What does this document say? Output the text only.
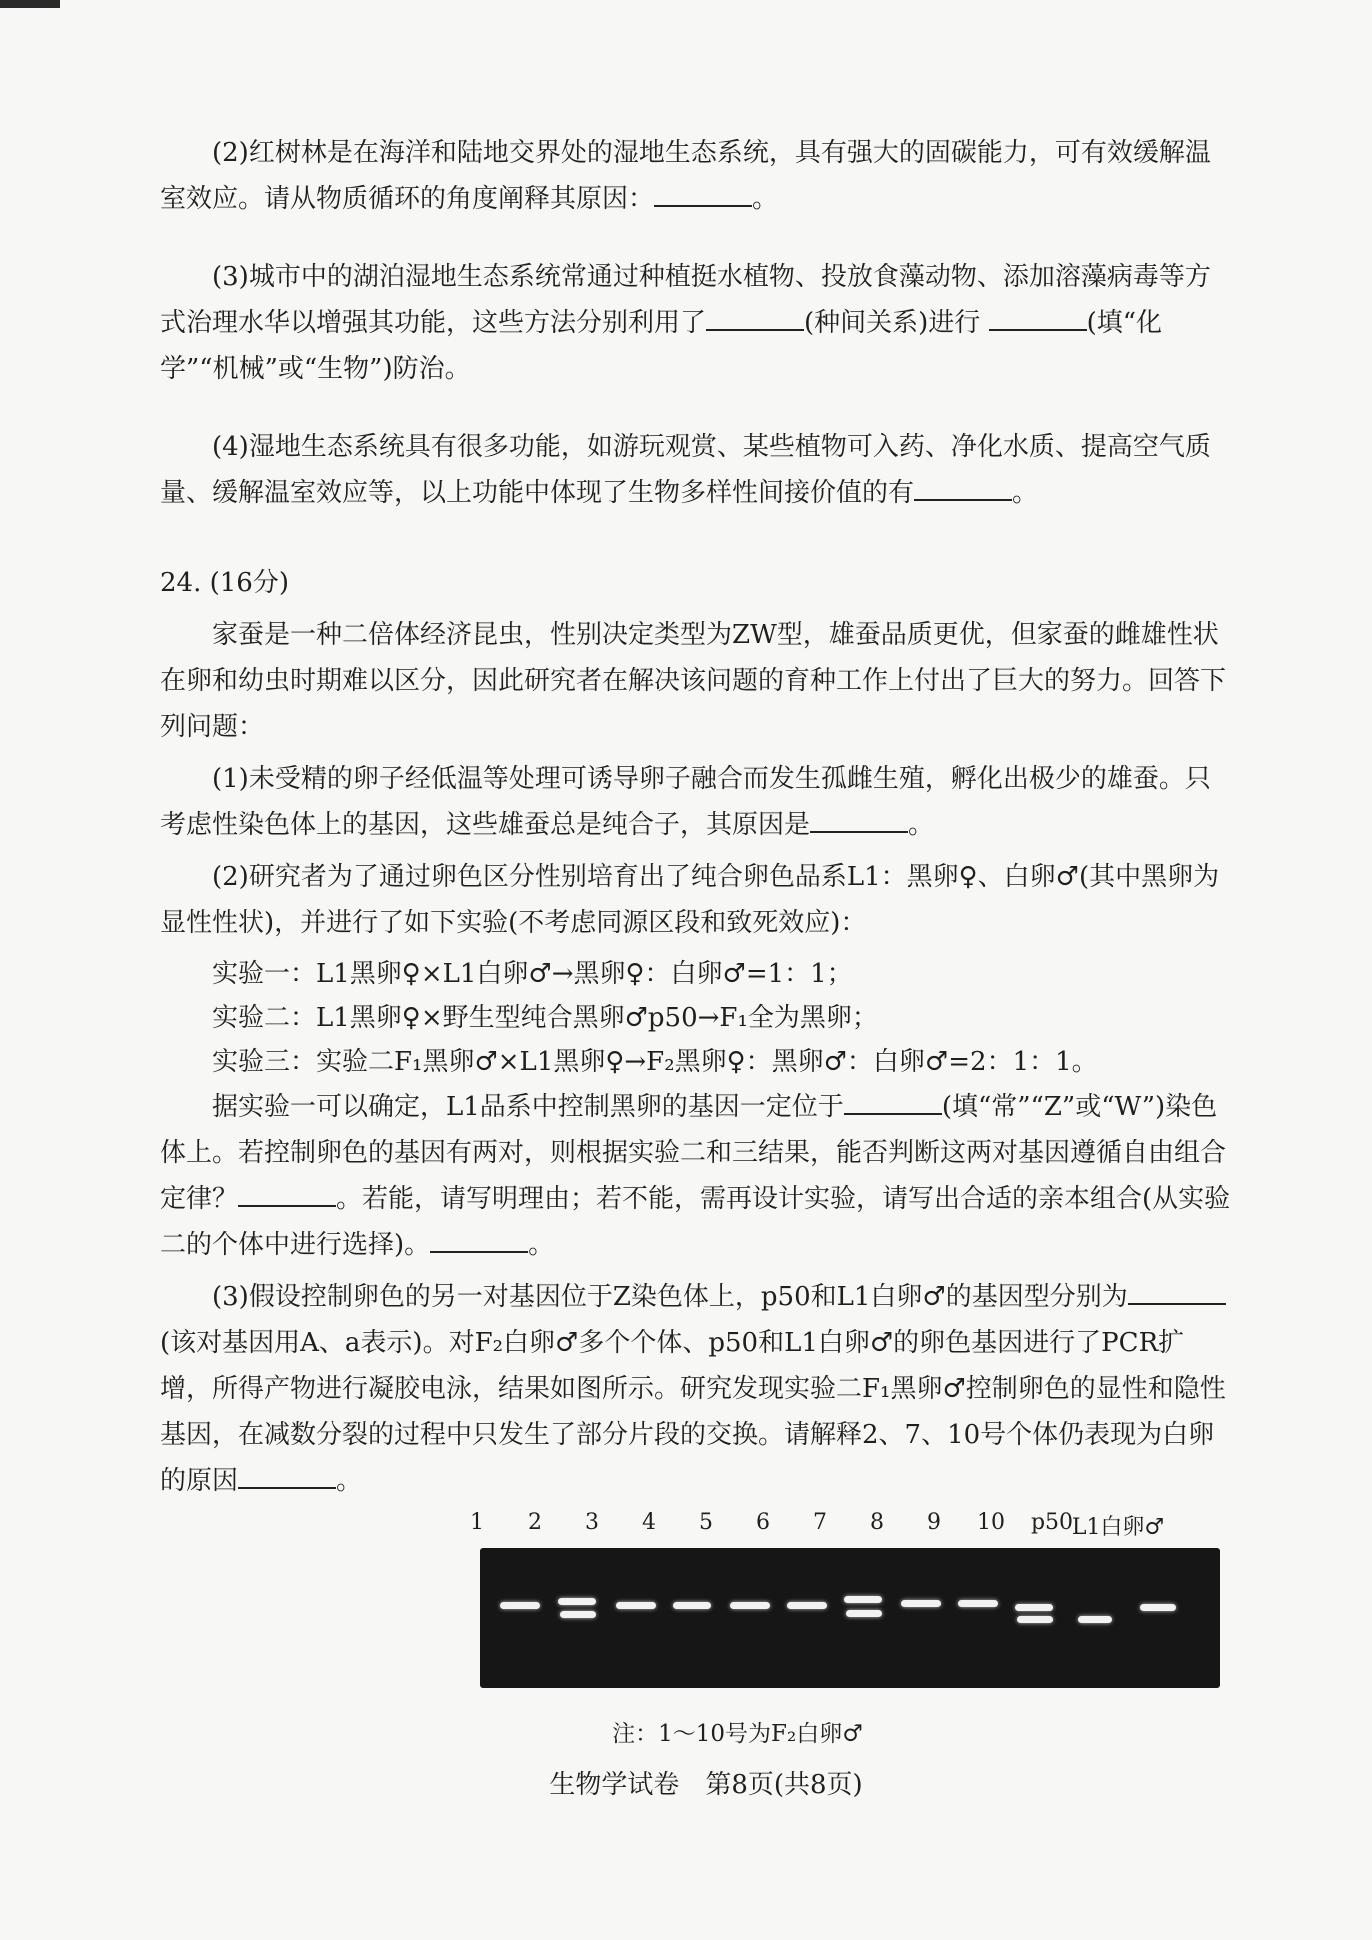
(2)红树林是在海洋和陆地交界处的湿地生态系统，具有强大的固碳能力，可有效缓解温室效应。请从物质循环的角度阐释其原因：	。

(3)城市中的湖泊湿地生态系统常通过种植挺水植物、投放食藻动物、添加溶藻病毒等方式治理水华以增强其功能，这些方法分别利用了	(种间关系)进行	(填“化学”“机械”或“生物”)防治。

(4)湿地生态系统具有很多功能，如游玩观赏、某些植物可入药、净化水质、提高空气质量、缓解温室效应等，以上功能中体现了生物多样性间接价值的有	。

24. (16分)

家蚕是一种二倍体经济昆虫，性别决定类型为ZW型，雄蚕品质更优，但家蚕的雌雄性状在卵和幼虫时期难以区分，因此研究者在解决该问题的育种工作上付出了巨大的努力。回答下列问题：

(1)未受精的卵子经低温等处理可诱导卵子融合而发生孤雌生殖，孵化出极少的雄蚕。只考虑性染色体上的基因，这些雄蚕总是纯合子，其原因是	。

(2)研究者为了通过卵色区分性别培育出了纯合卵色品系L1：黑卵♀、白卵♂(其中黑卵为显性性状)，并进行了如下实验(不考虑同源区段和致死效应)：

实验一：L1黑卵♀×L1白卵♂→黑卵♀：白卵♂=1：1；

实验二：L1黑卵♀×野生型纯合黑卵♂p50→F₁全为黑卵；

实验三：实验二F₁黑卵♂×L1黑卵♀→F₂黑卵♀：黑卵♂：白卵♂=2：1：1。

据实验一可以确定，L1品系中控制黑卵的基因一定位于	(填“常”“Z”或“W”)染色体上。若控制卵色的基因有两对，则根据实验二和三结果，能否判断这两对基因遵循自由组合定律？	。若能，请写明理由；若不能，需再设计实验，请写出合适的亲本组合(从实验二的个体中进行选择)。	。

(3)假设控制卵色的另一对基因位于Z染色体上，p50和L1白卵♂的基因型分别为(该对基因用A、a表示)。对F₂白卵♂多个个体、p50和L1白卵♂的卵色基因进行了PCR扩增，所得产物进行凝胶电泳，结果如图所示。研究发现实验二F₁黑卵♂控制卵色的显性和隐性基因，在减数分裂的过程中只发生了部分片段的交换。请解释2、7、10号个体仍表现为白卵的原因	。

1 2 3 4 5 6 7 8 9 10 p50
L1白卵♂
注：1～10号为F₂白卵♂
生物学试卷　第8页(共8页)
